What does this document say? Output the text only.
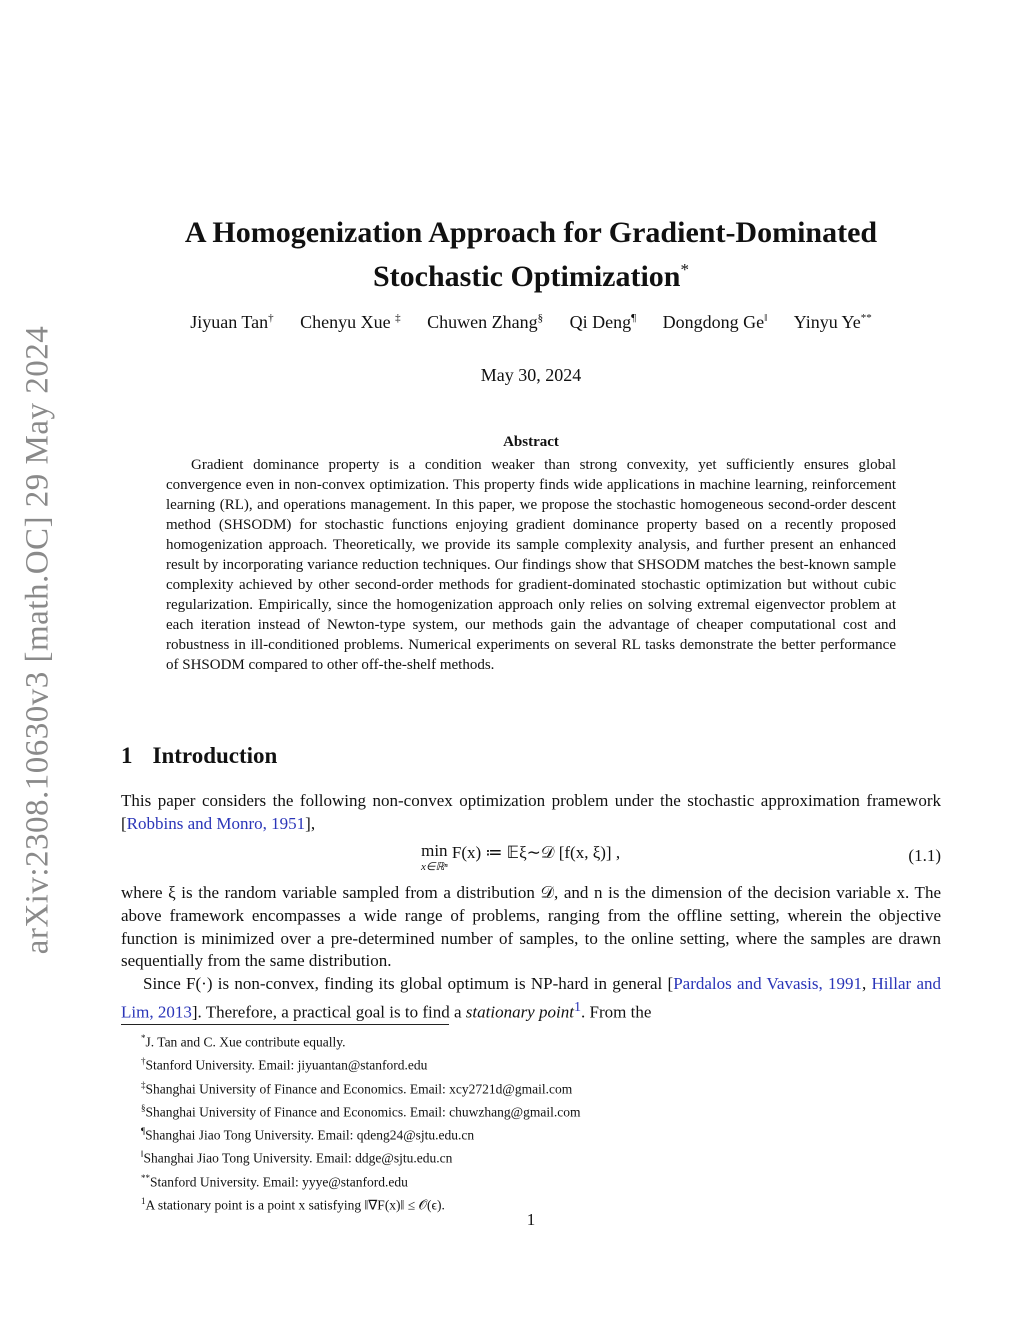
arXiv:2308.10630v3 [math.OC] 29 May 2024
A Homogenization Approach for Gradient-Dominated
Stochastic Optimization*
Jiyuan Tan† Chenyu Xue ‡ Chuwen Zhang§ Qi Deng¶ Dongdong Ge‖ Yinyu Ye**
May 30, 2024
Abstract
Gradient dominance property is a condition weaker than strong convexity, yet sufficiently ensures global convergence even in non-convex optimization. This property finds wide applications in machine learning, reinforcement learning (RL), and operations management. In this paper, we propose the stochastic homogeneous second-order descent method (SHSODM) for stochastic functions enjoying gradient dominance property based on a recently proposed homogenization approach. Theoretically, we provide its sample complexity analysis, and further present an enhanced result by incorporating variance reduction techniques. Our findings show that SHSODM matches the best-known sample complexity achieved by other second-order methods for gradient-dominated stochastic optimization but without cubic regularization. Empirically, since the homogenization approach only relies on solving extremal eigenvector problem at each iteration instead of Newton-type system, our methods gain the advantage of cheaper computational cost and robustness in ill-conditioned problems. Numerical experiments on several RL tasks demonstrate the better performance of SHSODM compared to other off-the-shelf methods.
1 Introduction
This paper considers the following non-convex optimization problem under the stochastic approximation framework [Robbins and Monro, 1951],
min
x∈ℝⁿ
F(x) ≔ 𝔼ξ∼𝒟 [f(x, ξ)] ,	(1.1)
where ξ is the random variable sampled from a distribution 𝒟, and n is the dimension of the decision variable x. The above framework encompasses a wide range of problems, ranging from the offline setting, wherein the objective function is minimized over a pre-determined number of samples, to the online setting, where the samples are drawn sequentially from the same distribution.
Since F(·) is non-convex, finding its global optimum is NP-hard in general [Pardalos and Vavasis, 1991, Hillar and Lim, 2013]. Therefore, a practical goal is to find a stationary point$^1$. From the
*J. Tan and C. Xue contribute equally.
†Stanford University. Email: jiyuantan@stanford.edu
‡Shanghai University of Finance and Economics. Email: xcy2721d@gmail.com
§Shanghai University of Finance and Economics. Email: chuwzhang@gmail.com
¶Shanghai Jiao Tong University. Email: qdeng24@sjtu.edu.cn
‖Shanghai Jiao Tong University. Email: ddge@sjtu.edu.cn
**Stanford University. Email: yyye@stanford.edu
$^1$A stationary point is a point x satisfying ‖∇F(x)‖ ≤ 𝒪(ϵ).
1
